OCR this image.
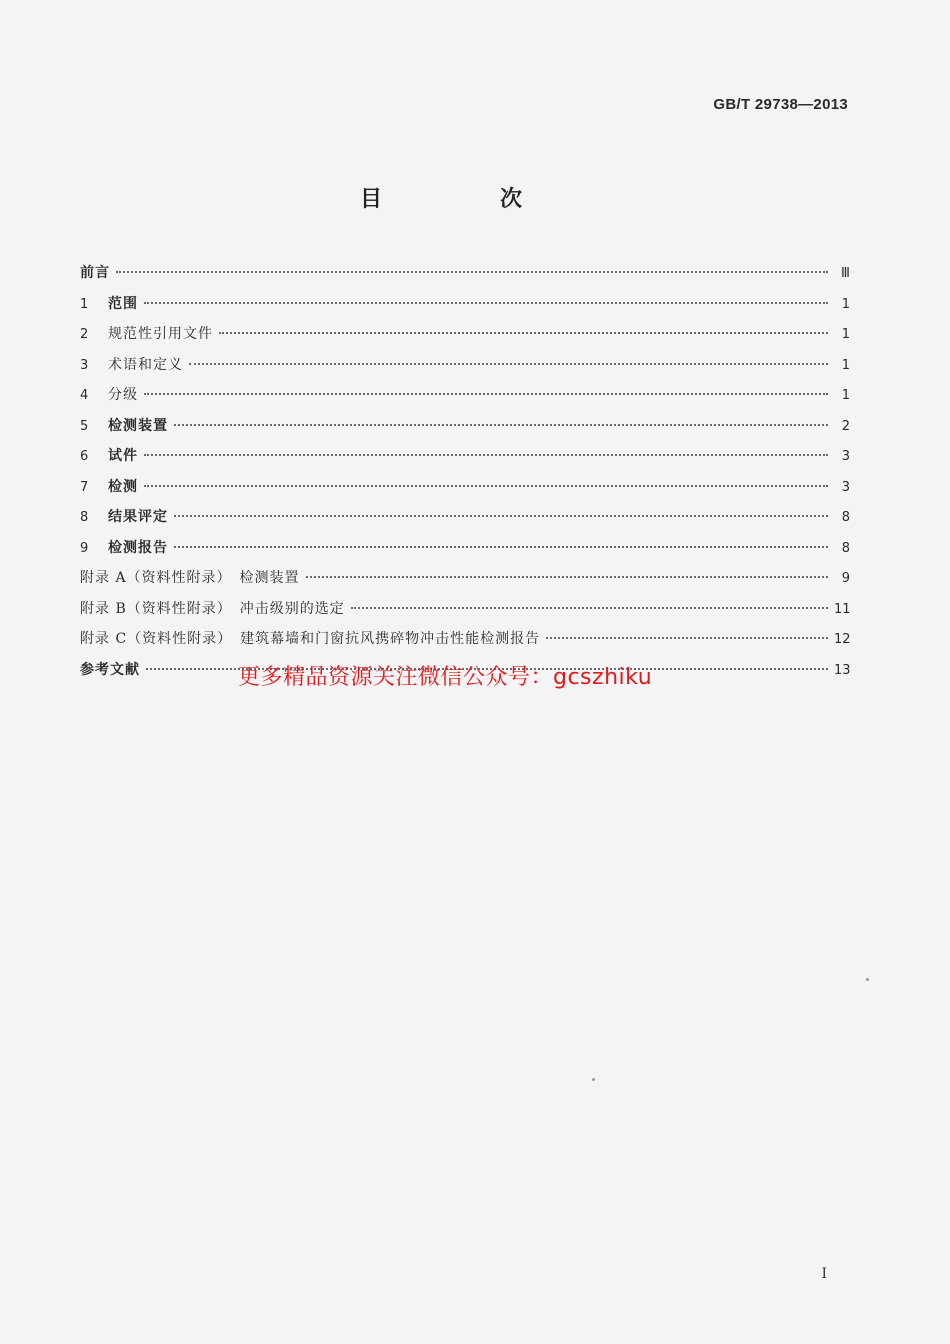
GB/T 29738—2013
目　次
前言	Ⅲ
1	范围	1
2	规范性引用文件	1
3	术语和定义	1
4	分级	1
5	检测装置	2
6	试件	3
7	检测	3
8	结果评定	8
9	检测报告	8
附录 A（资料性附录）　检测装置	9
附录 B（资料性附录）　冲击级别的选定	11
附录 C（资料性附录）　建筑幕墙和门窗抗风携碎物冲击性能检测报告	12
参考文献	13
更多精品资源关注微信公众号：gcszhiku
I
